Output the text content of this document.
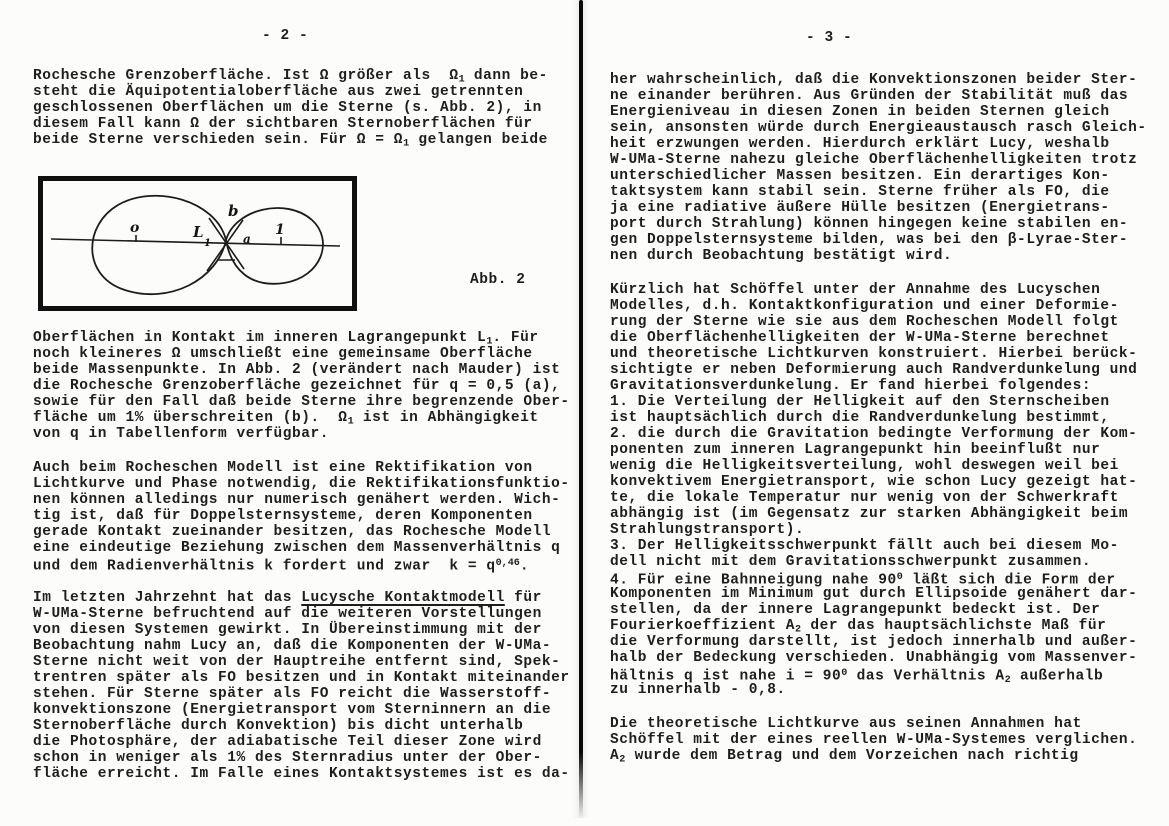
- 2 -
Rochesche Grenzoberfläche. Ist Ω größer als  $\Omega_1$ dann be-
steht die Äquipotentialoberfläche aus zwei getrennten
geschlossenen Oberflächen um die Sterne (s. Abb. 2), in
diesem Fall kann Ω der sichtbaren Sternoberflächen für
beide Sterne verschieden sein. Für $\Omega = \Omega_1$ gelangen beide
o	L
1
b
a
1
Abb. 2
Oberflächen in Kontakt im inneren Lagrangepunkt $L_1$. Für
noch kleineres Ω umschließt eine gemeinsame Oberfläche
beide Massenpunkte. In Abb. 2 (verändert nach Mauder) ist
die Rochesche Grenzoberfläche gezeichnet für q = 0,5 (a),
sowie für den Fall daß beide Sterne ihre begrenzende Ober-
fläche um 1% überschreiten (b).  $\Omega_1$ ist in Abhängigkeit
von q in Tabellenform verfügbar.
Auch beim Rocheschen Modell ist eine Rektifikation von
Lichtkurve und Phase notwendig, die Rektifikationsfunktio-
nen können alledings nur numerisch genähert werden. Wich-
tig ist, daß für Doppelsternsysteme, deren Komponenten
gerade Kontakt zueinander besitzen, das Rochesche Modell
eine eindeutige Beziehung zwischen dem Massenverhältnis q
und dem Radienverhältnis k fordert und zwar  $k = q^{0,46}$.
Im letzten Jahrzehnt hat das Lucysche Kontaktmodell für
W-UMa-Sterne befruchtend auf die weiteren Vorstellungen
von diesen Systemen gewirkt. In Übereinstimmung mit der
Beobachtung nahm Lucy an, daß die Komponenten der W-UMa-
Sterne nicht weit von der Hauptreihe entfernt sind, Spek-
trentren später als FO besitzen und in Kontakt miteinander
stehen. Für Sterne später als FO reicht die Wasserstoff-
konvektionszone (Energietransport vom Sterninnern an die
Sternoberfläche durch Konvektion) bis dicht unterhalb
die Photosphäre, der adiabatische Teil dieser Zone wird
schon in weniger als 1% des Sternradius unter der Ober-
fläche erreicht. Im Falle eines Kontaktsystemes ist es da-
- 3 -
her wahrscheinlich, daß die Konvektionszonen beider Ster-
ne einander berühren. Aus Gründen der Stabilität muß das
Energieniveau in diesen Zonen in beiden Sternen gleich
sein, ansonsten würde durch Energieaustausch rasch Gleich-
heit erzwungen werden. Hierdurch erklärt Lucy, weshalb
W-UMa-Sterne nahezu gleiche Oberflächenhelligkeiten trotz
unterschiedlicher Massen besitzen. Ein derartiges Kon-
taktsystem kann stabil sein. Sterne früher als FO, die
ja eine radiative äußere Hülle besitzen (Energietrans-
port durch Strahlung) können hingegen keine stabilen en-
gen Doppelsternsysteme bilden, was bei den β-Lyrae-Ster-
nen durch Beobachtung bestätigt wird.
Kürzlich hat Schöffel unter der Annahme des Lucyschen
Modelles, d.h. Kontaktkonfiguration und einer Deformie-
rung der Sterne wie sie aus dem Rocheschen Modell folgt
die Oberflächenhelligkeiten der W-UMa-Sterne berechnet
und theoretische Lichtkurven konstruiert. Hierbei berück-
sichtigte er neben Deformierung auch Randverdunkelung und
Gravitationsverdunkelung. Er fand hierbei folgendes:
1. Die Verteilung der Helligkeit auf den Sternscheiben
ist hauptsächlich durch die Randverdunkelung bestimmt,
2. die durch die Gravitation bedingte Verformung der Kom-
ponenten zum inneren Lagrangepunkt hin beeinflußt nur
wenig die Helligkeitsverteilung, wohl deswegen weil bei
konvektivem Energietransport, wie schon Lucy gezeigt hat-
te, die lokale Temperatur nur wenig von der Schwerkraft
abhängig ist (im Gegensatz zur starken Abhängigkeit beim
Strahlungstransport).
3. Der Helligkeitsschwerpunkt fällt auch bei diesem Mo-
dell nicht mit dem Gravitationsschwerpunkt zusammen.
4. Für eine Bahnneigung nahe $90^0$ läßt sich die Form der
Komponenten im Minimum gut durch Ellipsoide genähert dar-
stellen, da der innere Lagrangepunkt bedeckt ist. Der
Fourierkoeffizient $A_2$ der das hauptsächlichste Maß für
die Verformung darstellt, ist jedoch innerhalb und außer-
halb der Bedeckung verschieden. Unabhängig vom Massenver-
hältnis q ist nahe $i = 90^0$ das Verhältnis $A_2$ außerhalb
zu innerhalb - 0,8.
Die theoretische Lichtkurve aus seinen Annahmen hat
Schöffel mit der eines reellen W-UMa-Systemes verglichen.
$A_2$ wurde dem Betrag und dem Vorzeichen nach richtig
